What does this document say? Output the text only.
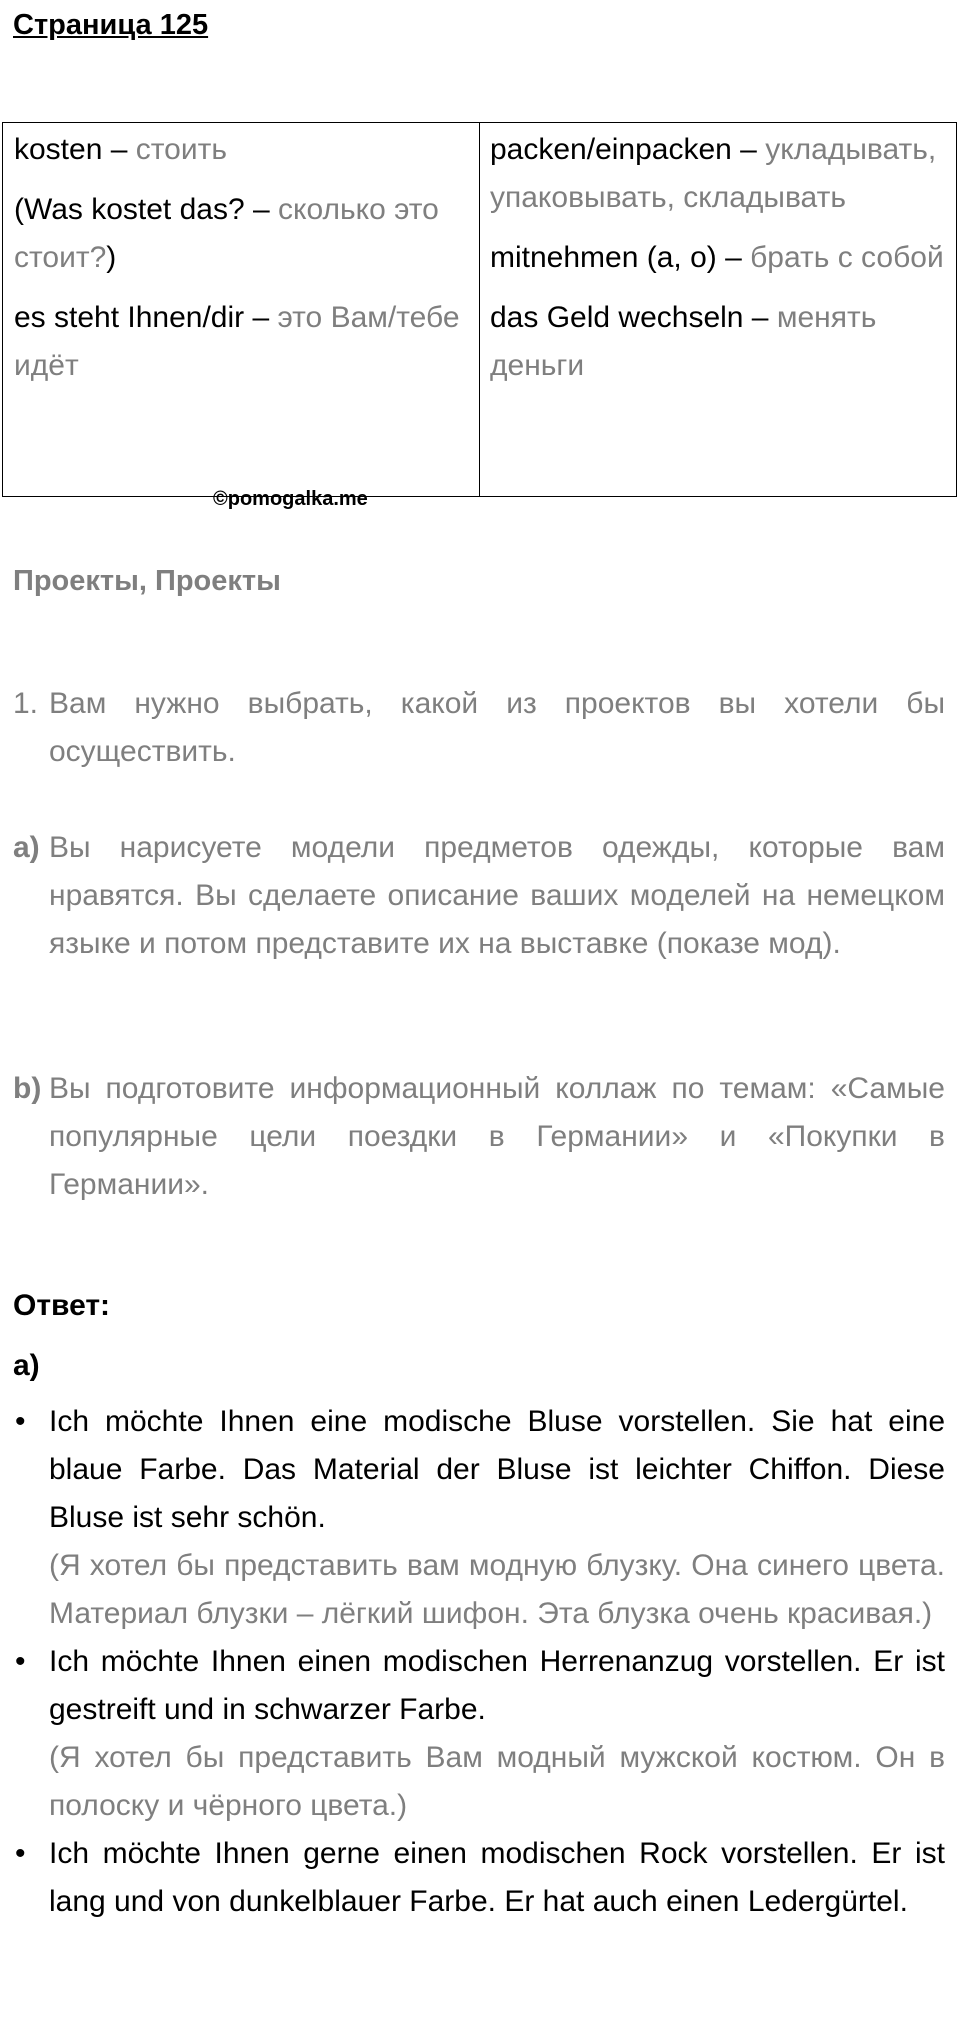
Страница 125
kosten – стоить
(Was kostet das? – сколько это стоит?)
es steht Ihnen/dir – это Вам/тебе идёт
packen/einpacken – укладывать, упаковывать, складывать
mitnehmen (a, o) – брать с собой
das Geld wechseln – менять деньги
©pomogalka.me
Проекты, Проекты
1. Вам нужно выбрать, какой из проектов вы хотели бы осуществить.
a) Вы нарисуете модели предметов одежды, которые вам нравятся. Вы сделаете описание ваших моделей на немецком языке и потом представите их на выставке (показе мод).
b) Вы подготовите информационный коллаж по темам: «Самые популярные цели поездки в Германии» и «Покупки в Германии».
Ответ:
а)
• Ich möchte Ihnen eine modische Bluse vorstellen. Sie hat eine blaue Farbe. Das Material der Bluse ist leichter Chiffon. Diese Bluse ist sehr schön.
(Я хотел бы представить вам модную блузку. Она синего цвета. Материал блузки – лёгкий шифон. Эта блузка очень красивая.)
• Ich möchte Ihnen einen modischen Herrenanzug vorstellen. Er ist gestreift und in schwarzer Farbe.
(Я хотел бы представить Вам модный мужской костюм. Он в полоску и чёрного цвета.)
• Ich möchte Ihnen gerne einen modischen Rock vorstellen. Er ist lang und von dunkelblauer Farbe. Er hat auch einen Ledergürtel.
